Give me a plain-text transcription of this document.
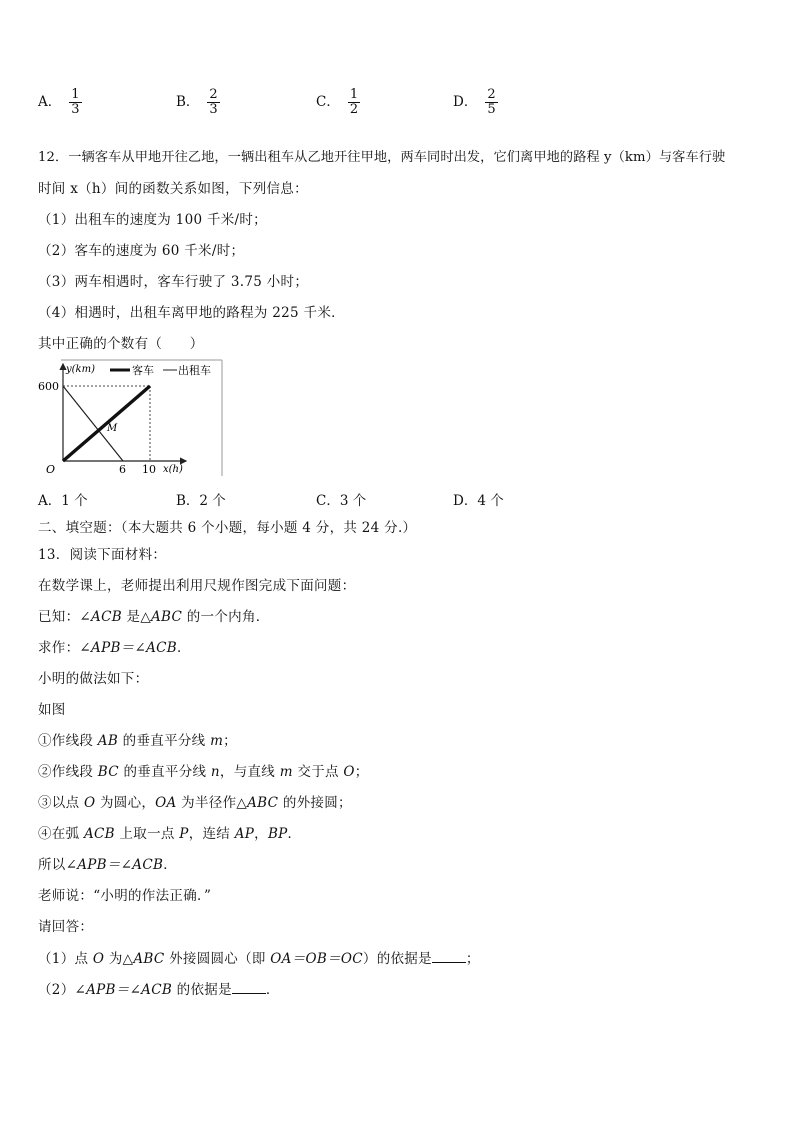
A． $\frac{1}{3}$	B． $\frac{2}{3}$	C． $\frac{1}{2}$	D． $\frac{2}{5}$
12．一辆客车从甲地开往乙地，一辆出租车从乙地开往甲地，两车同时出发，它们离甲地的路程 y（km）与客车行驶
时间 x（h）间的函数关系如图，下列信息：
（1）出租车的速度为 100 千米/时；
（2）客车的速度为 60 千米/时；
（3）两车相遇时，客车行驶了 3.75 小时；
（4）相遇时，出租车离甲地的路程为 225 千米．
其中正确的个数有（　　）
客车 出租车
y(km)
600
O	6 10 x(h)
M
A．1 个	B．2 个	C．3 个	D．4 个
二、填空题：（本大题共 6 个小题，每小题 4 分，共 24 分.）
13．阅读下面材料：
在数学课上，老师提出利用尺规作图完成下面问题：
已知：∠ACB 是△ABC 的一个内角．
求作：∠APB＝∠ACB．
小明的做法如下：
如图
①作线段 AB 的垂直平分线 m；
②作线段 BC 的垂直平分线 n，与直线 m 交于点 O；
③以点 O 为圆心，OA 为半径作△ABC 的外接圆；
④在弧 ACB 上取一点 P，连结 AP，BP．
所以∠APB＝∠ACB．
老师说：“小明的作法正确．”
请回答：
（1）点 O 为△ABC 外接圆圆心（即 OA＝OB＝OC）的依据是	；
（2）∠APB＝∠ACB 的依据是	．
